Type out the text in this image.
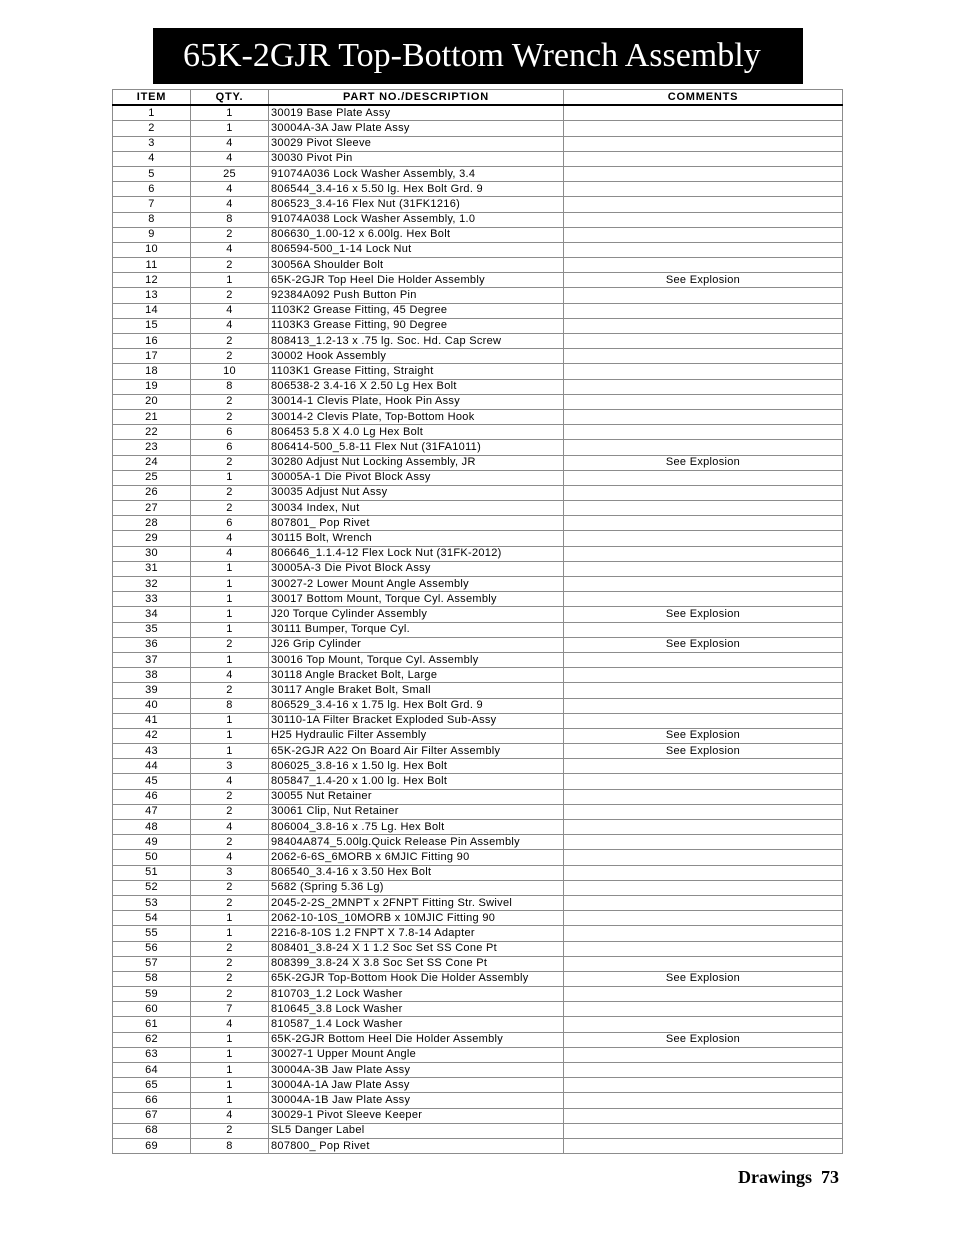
65K-2GJR Top-Bottom Wrench Assembly
ITEM	QTY.	PART NO./DESCRIPTION	COMMENTS
1	1	30019 Base Plate Assy	
2	1	30004A-3A Jaw Plate Assy	
3	4	30029 Pivot Sleeve	
4	4	30030 Pivot Pin	
5	25	91074A036 Lock Washer Assembly, 3.4	
6	4	806544_3.4-16 x 5.50 lg. Hex Bolt Grd. 9	
7	4	806523_3.4-16 Flex Nut (31FK1216)	
8	8	91074A038 Lock Washer Assembly, 1.0	
9	2	806630_1.00-12 x 6.00lg. Hex Bolt	
10	4	806594-500_1-14 Lock Nut	
11	2	30056A Shoulder Bolt	
12	1	65K-2GJR Top Heel Die Holder Assembly	See Explosion
13	2	92384A092 Push Button Pin	
14	4	1103K2 Grease Fitting, 45 Degree	
15	4	1103K3 Grease Fitting, 90 Degree	
16	2	808413_1.2-13 x .75 lg. Soc. Hd. Cap Screw	
17	2	30002 Hook Assembly	
18	10	1103K1 Grease Fitting, Straight	
19	8	806538-2 3.4-16 X 2.50 Lg Hex Bolt	
20	2	30014-1 Clevis Plate, Hook Pin Assy	
21	2	30014-2 Clevis Plate, Top-Bottom Hook	
22	6	806453 5.8 X 4.0 Lg Hex Bolt	
23	6	806414-500_5.8-11 Flex Nut (31FA1011)	
24	2	30280 Adjust Nut Locking Assembly, JR	See Explosion
25	1	30005A-1 Die Pivot Block Assy	
26	2	30035 Adjust Nut Assy	
27	2	30034 Index, Nut	
28	6	807801_ Pop Rivet	
29	4	30115 Bolt, Wrench	
30	4	806646_1.1.4-12 Flex Lock Nut (31FK-2012)	
31	1	30005A-3 Die Pivot Block Assy	
32	1	30027-2 Lower Mount Angle Assembly	
33	1	30017 Bottom Mount, Torque Cyl. Assembly	
34	1	J20 Torque Cylinder Assembly	See Explosion
35	1	30111 Bumper, Torque Cyl.	
36	2	J26 Grip Cylinder	See Explosion
37	1	30016 Top Mount, Torque Cyl. Assembly	
38	4	30118 Angle Bracket Bolt, Large	
39	2	30117 Angle Braket Bolt, Small	
40	8	806529_3.4-16 x 1.75 lg. Hex Bolt Grd. 9	
41	1	30110-1A Filter Bracket Exploded Sub-Assy	
42	1	H25 Hydraulic Filter Assembly	See Explosion
43	1	65K-2GJR A22 On Board Air Filter Assembly	See Explosion
44	3	806025_3.8-16 x 1.50 lg. Hex Bolt	
45	4	805847_1.4-20 x 1.00 lg. Hex Bolt	
46	2	30055 Nut Retainer	
47	2	30061 Clip, Nut Retainer	
48	4	806004_3.8-16 x .75 Lg. Hex Bolt	
49	2	98404A874_5.00lg.Quick Release Pin Assembly	
50	4	2062-6-6S_6MORB x 6MJIC Fitting 90	
51	3	806540_3.4-16 x 3.50 Hex Bolt	
52	2	5682 (Spring 5.36 Lg)	
53	2	2045-2-2S_2MNPT x 2FNPT Fitting Str. Swivel	
54	1	2062-10-10S_10MORB x 10MJIC Fitting 90	
55	1	2216-8-10S 1.2 FNPT X 7.8-14 Adapter	
56	2	808401_3.8-24 X 1 1.2 Soc Set SS Cone Pt	
57	2	808399_3.8-24 X 3.8 Soc Set SS Cone Pt	
58	2	65K-2GJR Top-Bottom Hook Die Holder Assembly	See Explosion
59	2	810703_1.2 Lock Washer	
60	7	810645_3.8 Lock Washer	
61	4	810587_1.4 Lock Washer	
62	1	65K-2GJR Bottom Heel Die Holder Assembly	See Explosion
63	1	30027-1 Upper Mount Angle	
64	1	30004A-3B Jaw Plate Assy	
65	1	30004A-1A Jaw Plate Assy	
66	1	30004A-1B Jaw Plate Assy	
67	4	30029-1 Pivot Sleeve Keeper	
68	2	SL5 Danger Label	
69	8	807800_ Pop Rivet	
Drawings 73
